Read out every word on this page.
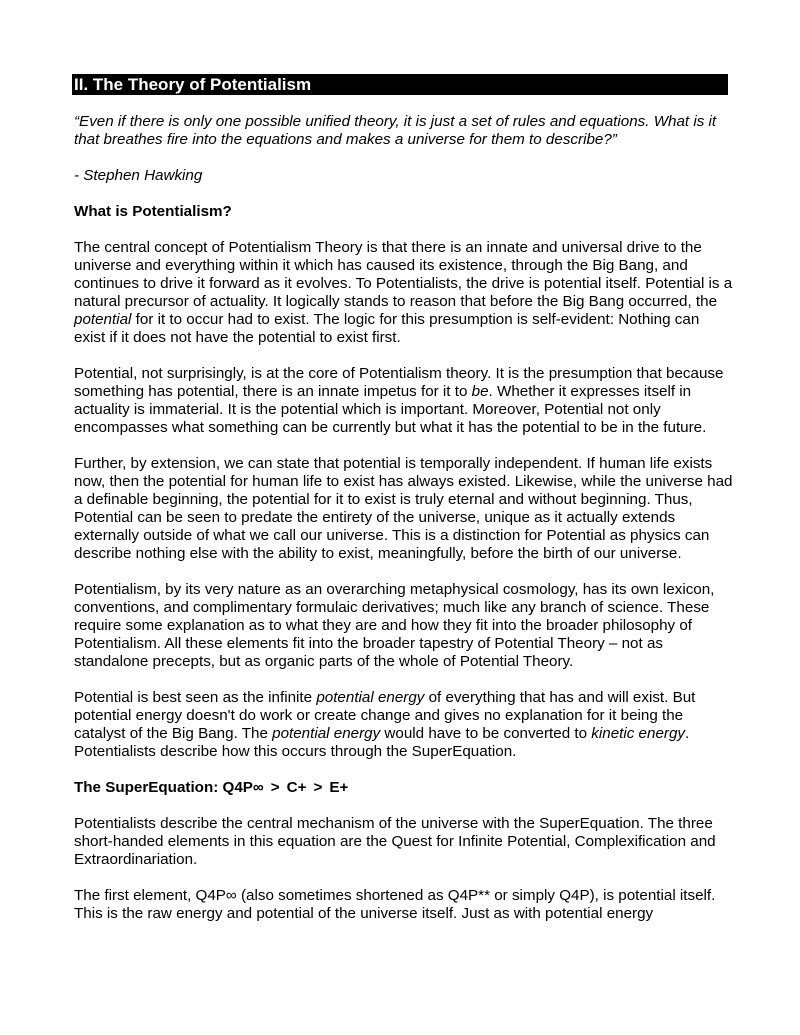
II. The Theory of Potentialism

“Even if there is only one possible unified theory, it is just a set of rules and equations. What is it that breathes fire into the equations and makes a universe for them to describe?”

- Stephen Hawking

What is Potentialism?

The central concept of Potentialism Theory is that there is an innate and universal drive to the universe and everything within it which has caused its existence, through the Big Bang, and continues to drive it forward as it evolves. To Potentialists, the drive is potential itself. Potential is a natural precursor of actuality. It logically stands to reason that before the Big Bang occurred, the potential for it to occur had to exist. The logic for this presumption is self-evident: Nothing can exist if it does not have the potential to exist first.

Potential, not surprisingly, is at the core of Potentialism theory. It is the presumption that because something has potential, there is an innate impetus for it to be. Whether it expresses itself in actuality is immaterial. It is the potential which is important. Moreover, Potential not only encompasses what something can be currently but what it has the potential to be in the future.

Further, by extension, we can state that potential is temporally independent. If human life exists now, then the potential for human life to exist has always existed. Likewise, while the universe had a definable beginning, the potential for it to exist is truly eternal and without beginning. Thus, Potential can be seen to predate the entirety of the universe, unique as it actually extends externally outside of what we call our universe. This is a distinction for Potential as physics can describe nothing else with the ability to exist, meaningfully, before the birth of our universe.

Potentialism, by its very nature as an overarching metaphysical cosmology, has its own lexicon, conventions, and complimentary formulaic derivatives; much like any branch of science. These require some explanation as to what they are and how they fit into the broader philosophy of Potentialism. All these elements fit into the broader tapestry of Potential Theory – not as standalone precepts, but as organic parts of the whole of Potential Theory.

Potential is best seen as the infinite potential energy of everything that has and will exist. But potential energy doesn't do work or create change and gives no explanation for it being the catalyst of the Big Bang. The potential energy would have to be converted to kinetic energy. Potentialists describe how this occurs through the SuperEquation.

The SuperEquation: Q4P∞ > C+ > E+

Potentialists describe the central mechanism of the universe with the SuperEquation. The three short-handed elements in this equation are the Quest for Infinite Potential, Complexification and Extraordinariation.

The first element, Q4P∞ (also sometimes shortened as Q4P** or simply Q4P), is potential itself. This is the raw energy and potential of the universe itself. Just as with potential energy
